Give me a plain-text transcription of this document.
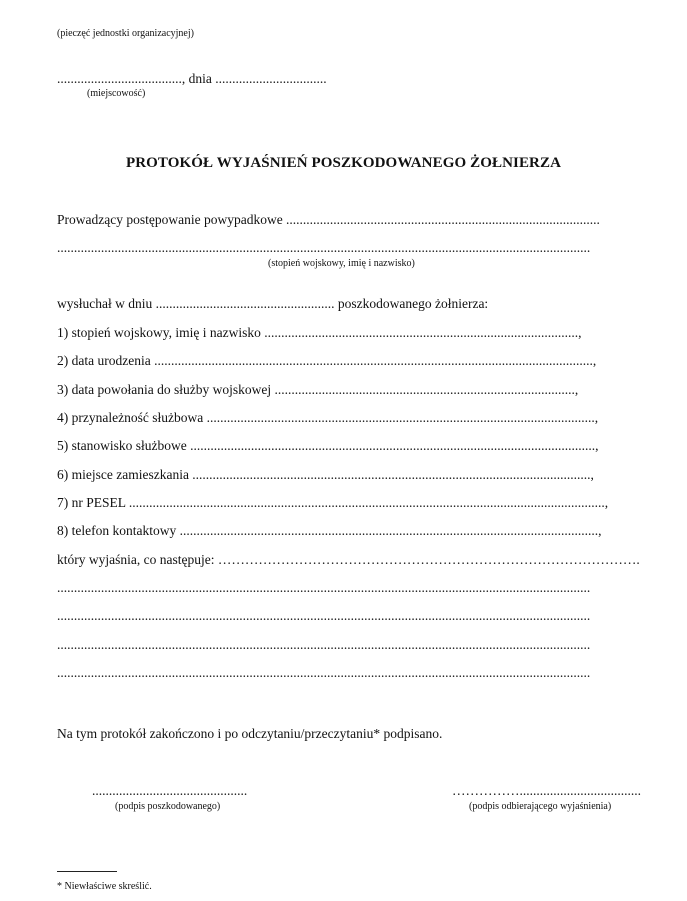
(pieczęć jednostki organizacyjnej)
....................................., dnia .................................
(miejscowość)
PROTOKÓŁ WYJAŚNIEŃ POSZKODOWANEGO ŻOŁNIERZA
Prowadzący postępowanie powypadkowe .............................................................................................
..............................................................................................................................................................
(stopień wojskowy, imię i nazwisko)
wysłuchał w dniu ..................................................... poszkodowanego żołnierza:
1) stopień wojskowy, imię i nazwisko .............................................................................................,
2) data urodzenia ..................................................................................................................................,
3) data powołania do służby wojskowej .........................................................................................,
4) przynależność służbowa ...................................................................................................................,
5) stanowisko służbowe ........................................................................................................................,
6) miejsce zamieszkania ......................................................................................................................,
7) nr PESEL .............................................................................................................................................,
8) telefon kontaktowy ............................................................................................................................,
który wyjaśnia, co następuje: ………………………………………………………………………………….
..............................................................................................................................................................
..............................................................................................................................................................
..............................................................................................................................................................
..............................................................................................................................................................
Na tym protokół zakończono i po odczytaniu/przeczytaniu* podpisano.
..............................................
(podpis poszkodowanego)
……………....................................
(podpis odbierającego wyjaśnienia)
* Niewłaściwe skreślić.
